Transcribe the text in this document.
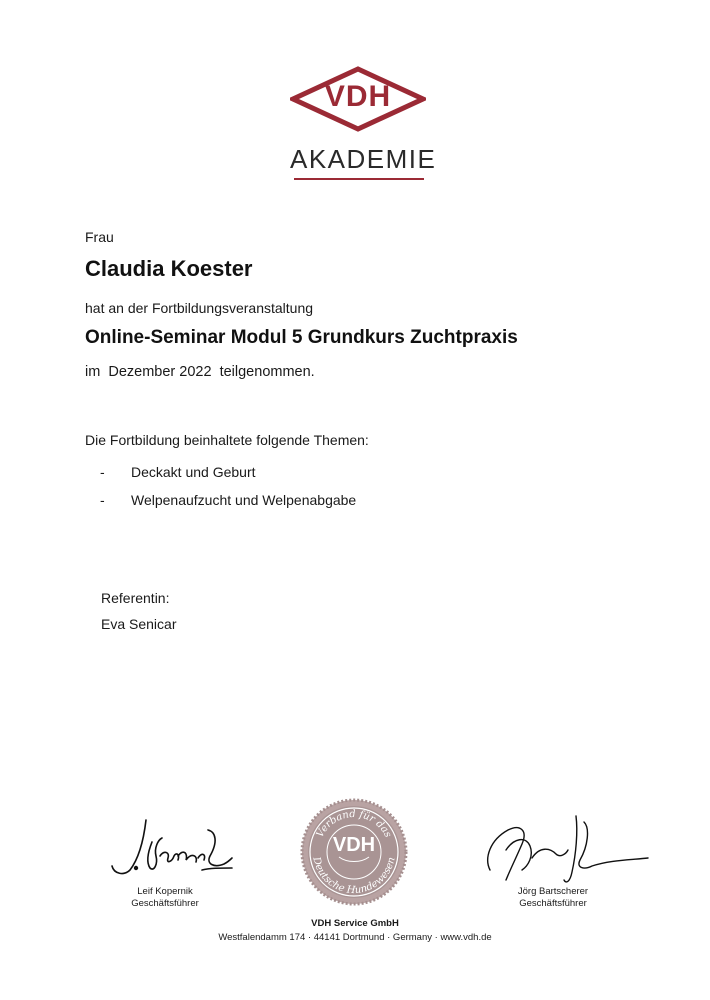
VDH
AKADEMIE
Frau
Claudia Koester
hat an der Fortbildungsveranstaltung
Online-Seminar Modul 5 Grundkurs Zuchtpraxis
im  Dezember 2022  teilgenommen.
Die Fortbildung beinhaltete folgende Themen:
- Deckakt und Geburt
- Welpenaufzucht und Welpenabgabe
Referentin:
Eva Senicar
Leif Kopernik
Geschäftsführer
Jörg Bartscherer
Geschäftsführer
Verband für das
Deutsche Hundewesen
VDH
VDH Service GmbH
Westfalendamm 174 · 44141 Dortmund · Germany · www.vdh.de
